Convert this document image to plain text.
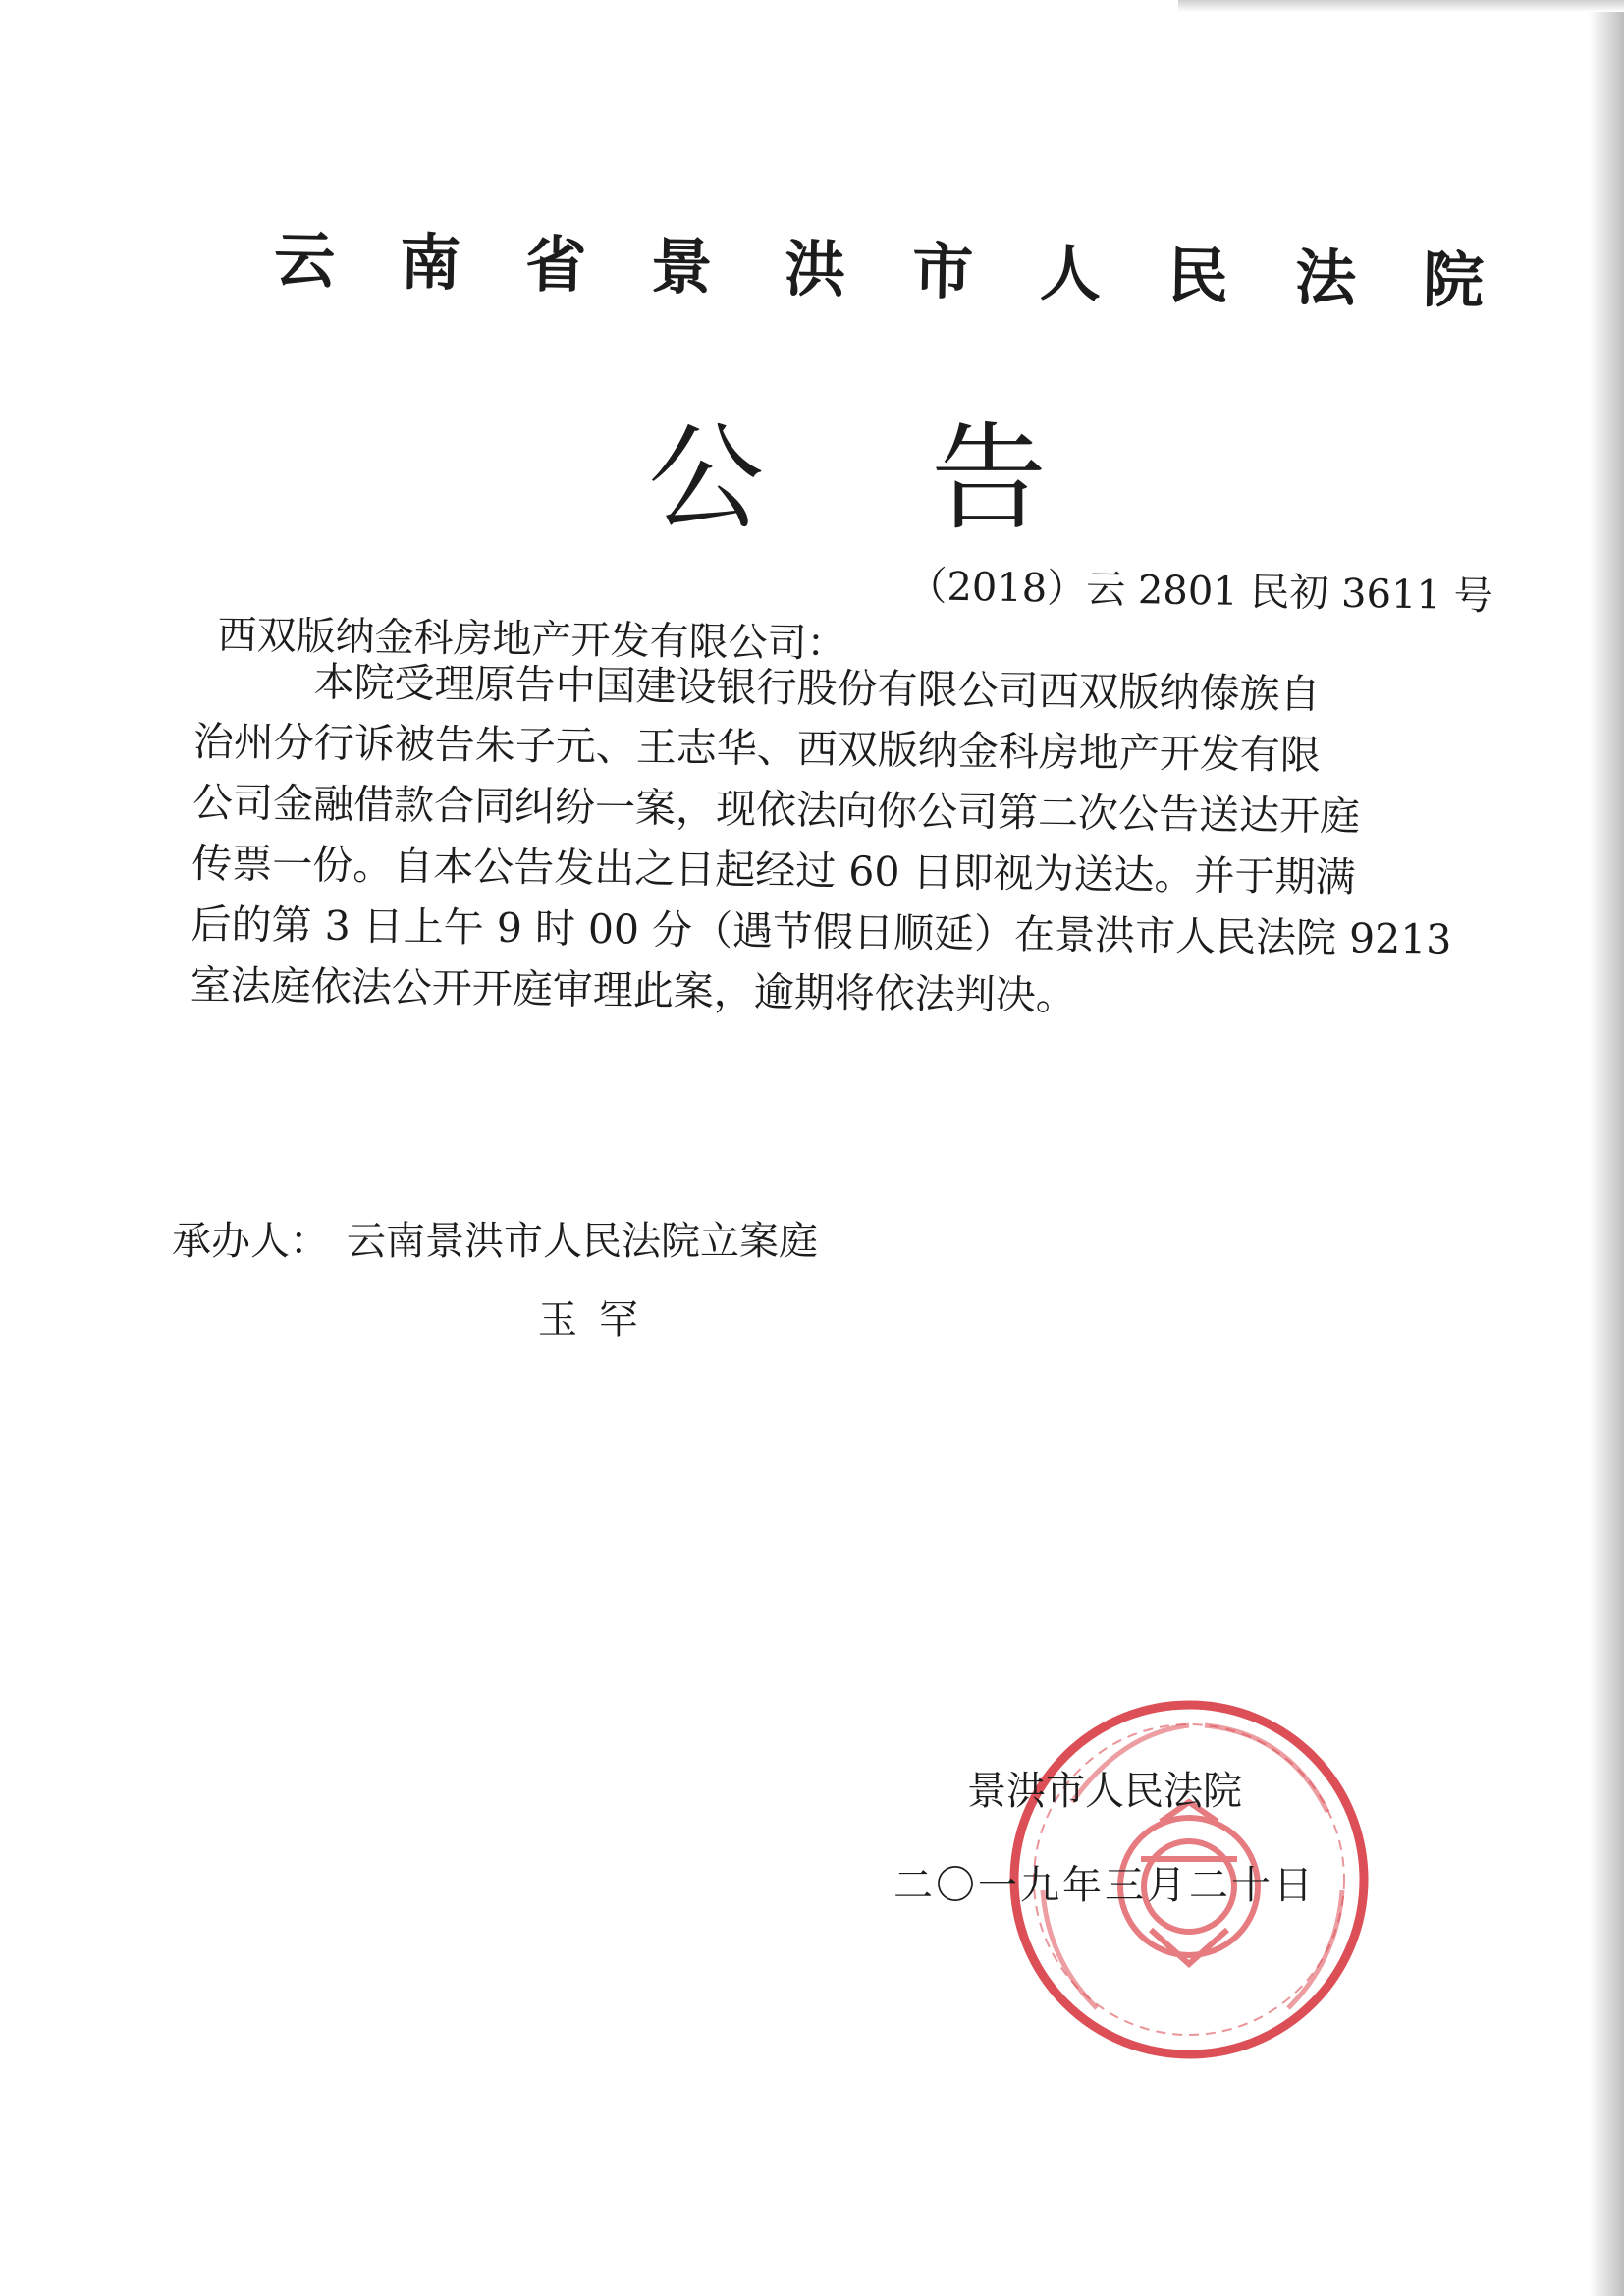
云 南 省 景 洪 市 人 民 法 院
公告
（2018）云 2801 民初 3611 号
西双版纳金科房地产开发有限公司：

本院受理原告中国建设银行股份有限公司西双版纳傣族自

治州分行诉被告朱子元、王志华、西双版纳金科房地产开发有限

公司金融借款合同纠纷一案，现依法向你公司第二次公告送达开庭

传票一份。自本公告发出之日起经过 60 日即视为送达。并于期满

后的第 3 日上午 9 时 00 分（遇节假日顺延）在景洪市人民法院 9213

室法庭依法公开开庭审理此案，逾期将依法判决。

承办人： 云南景洪市人民法院立案庭
玉罕
景洪市人民法院
二〇一九年三月二十日
